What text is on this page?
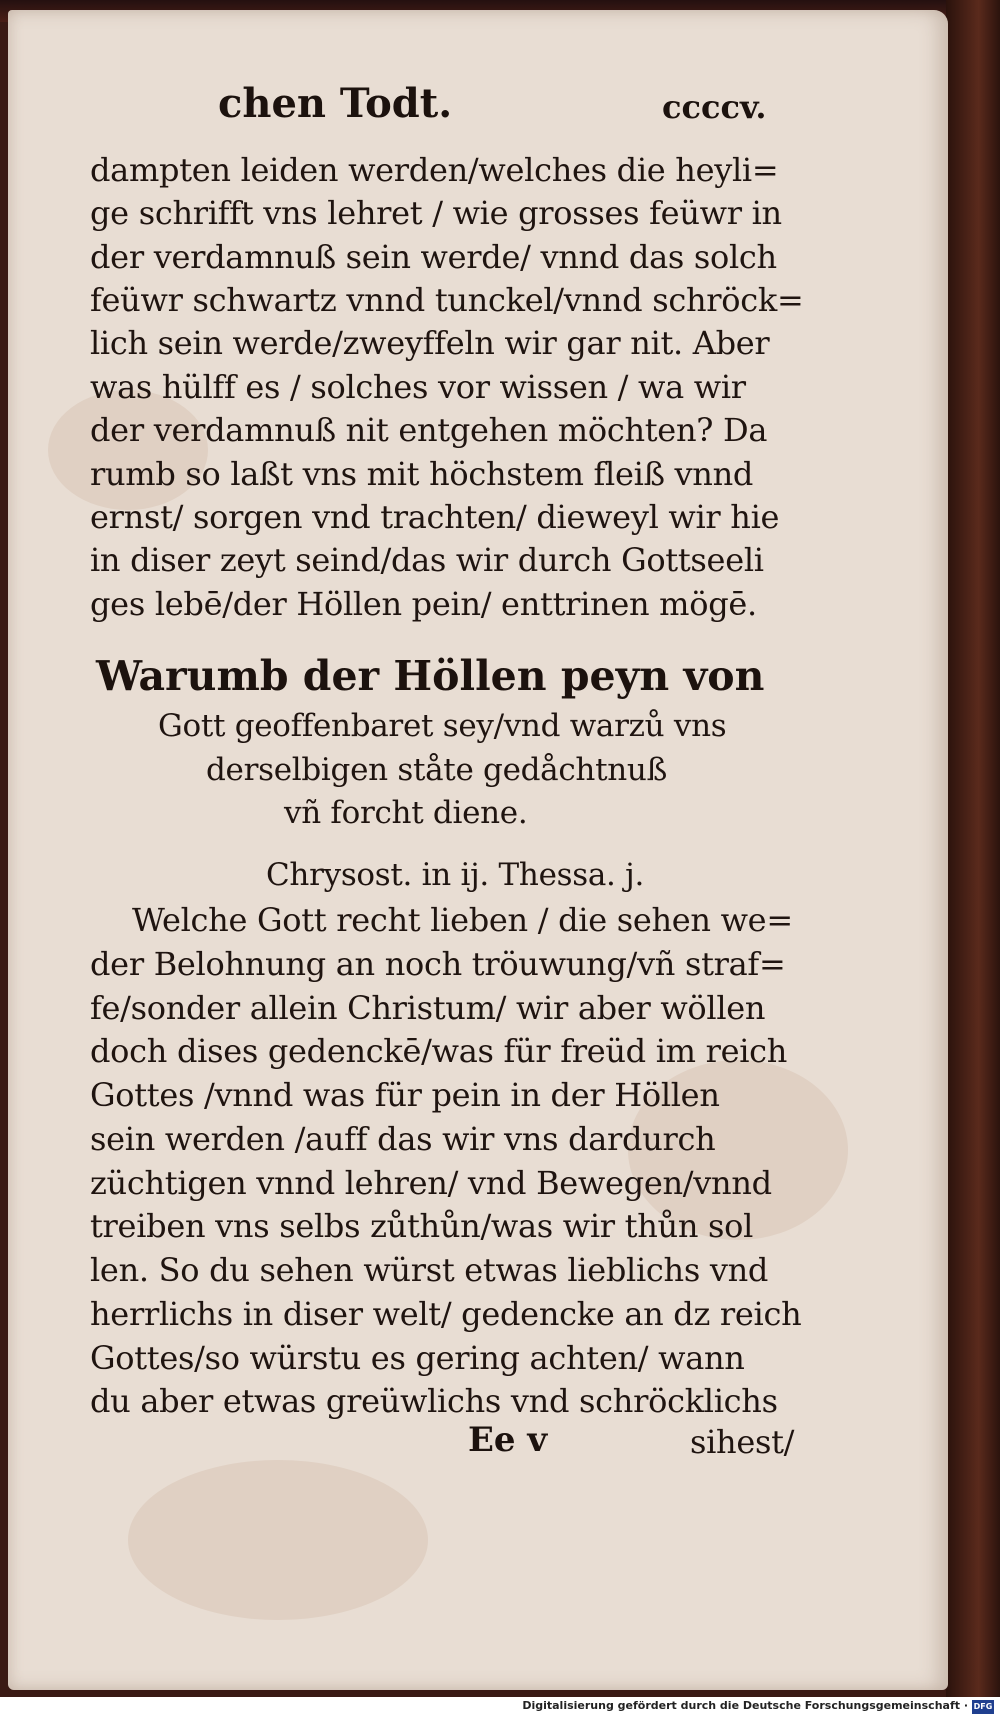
chen Todt.	ccccv.
dampten leiden werden/welches die heyli=
ge schrifft vns lehret / wie grosses feüwr in
der verdamnuß sein werde/ vnnd das solch
feüwr schwartz vnnd tunckel/vnnd schröck=
lich sein werde/zweyffeln wir gar nit. Aber
was hülff es / solches vor wissen / wa wir
der verdamnuß nit entgehen möchten? Da
rumb so laßt vns mit höchstem fleiß vnnd
ernst/ sorgen vnd trachten/ dieweyl wir hie
in diser zeyt seind/das wir durch Gottseeli
ges lebē/der Höllen pein/ enttrinen mögē.
Warumb der Höllen peyn von
Gott geoffenbaret sey/vnd warzů vns
derselbigen ståte gedåchtnuß
vñ forcht diene.
Chrysost. in ij. Thessa. j.
Welche Gott recht lieben / die sehen we=
der Belohnung an noch tröuwung/vñ straf=
fe/sonder allein Christum/ wir aber wöllen
doch dises gedenckē/was für freüd im reich
Gottes /vnnd was für pein in der Höllen
sein werden /auff das wir vns dardurch
züchtigen vnnd lehren/ vnd Bewegen/vnnd
treiben vns selbs zůthůn/was wir thůn sol
len. So du sehen würst etwas lieblichs vnd
herrlichs in diser welt/ gedencke an dz reich
Gottes/so würstu es gering achten/ wann
du aber etwas greüwlichs vnd schröcklichs
Ee v	sihest/
Digitalisierung gefördert durch die Deutsche Forschungsgemeinschaft · DFG
